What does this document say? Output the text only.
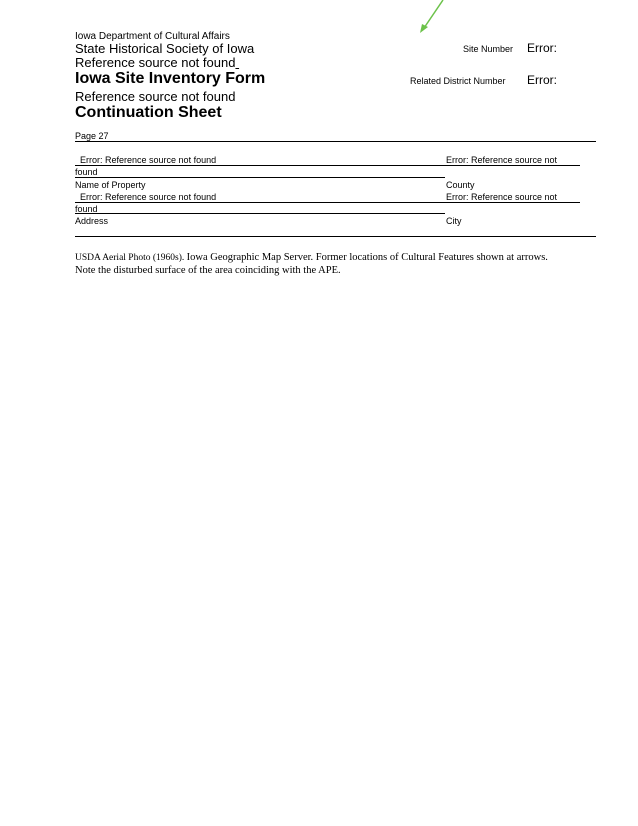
Iowa Department of Cultural Affairs
State Historical Society of Iowa
Reference source not found
Iowa Site Inventory Form
Reference source not found
Continuation Sheet
Site Number Error:
Related District Number Error:
Page 27
Error: Reference source not found	Error: Reference source not
found
Name of Property	County
Error: Reference source not found	Error: Reference source not
found
Address	City
USDA Aerial Photo (1960s). Iowa Geographic Map Server. Former locations of Cultural Features shown at arrows.
Note the disturbed surface of the area coinciding with the APE.
